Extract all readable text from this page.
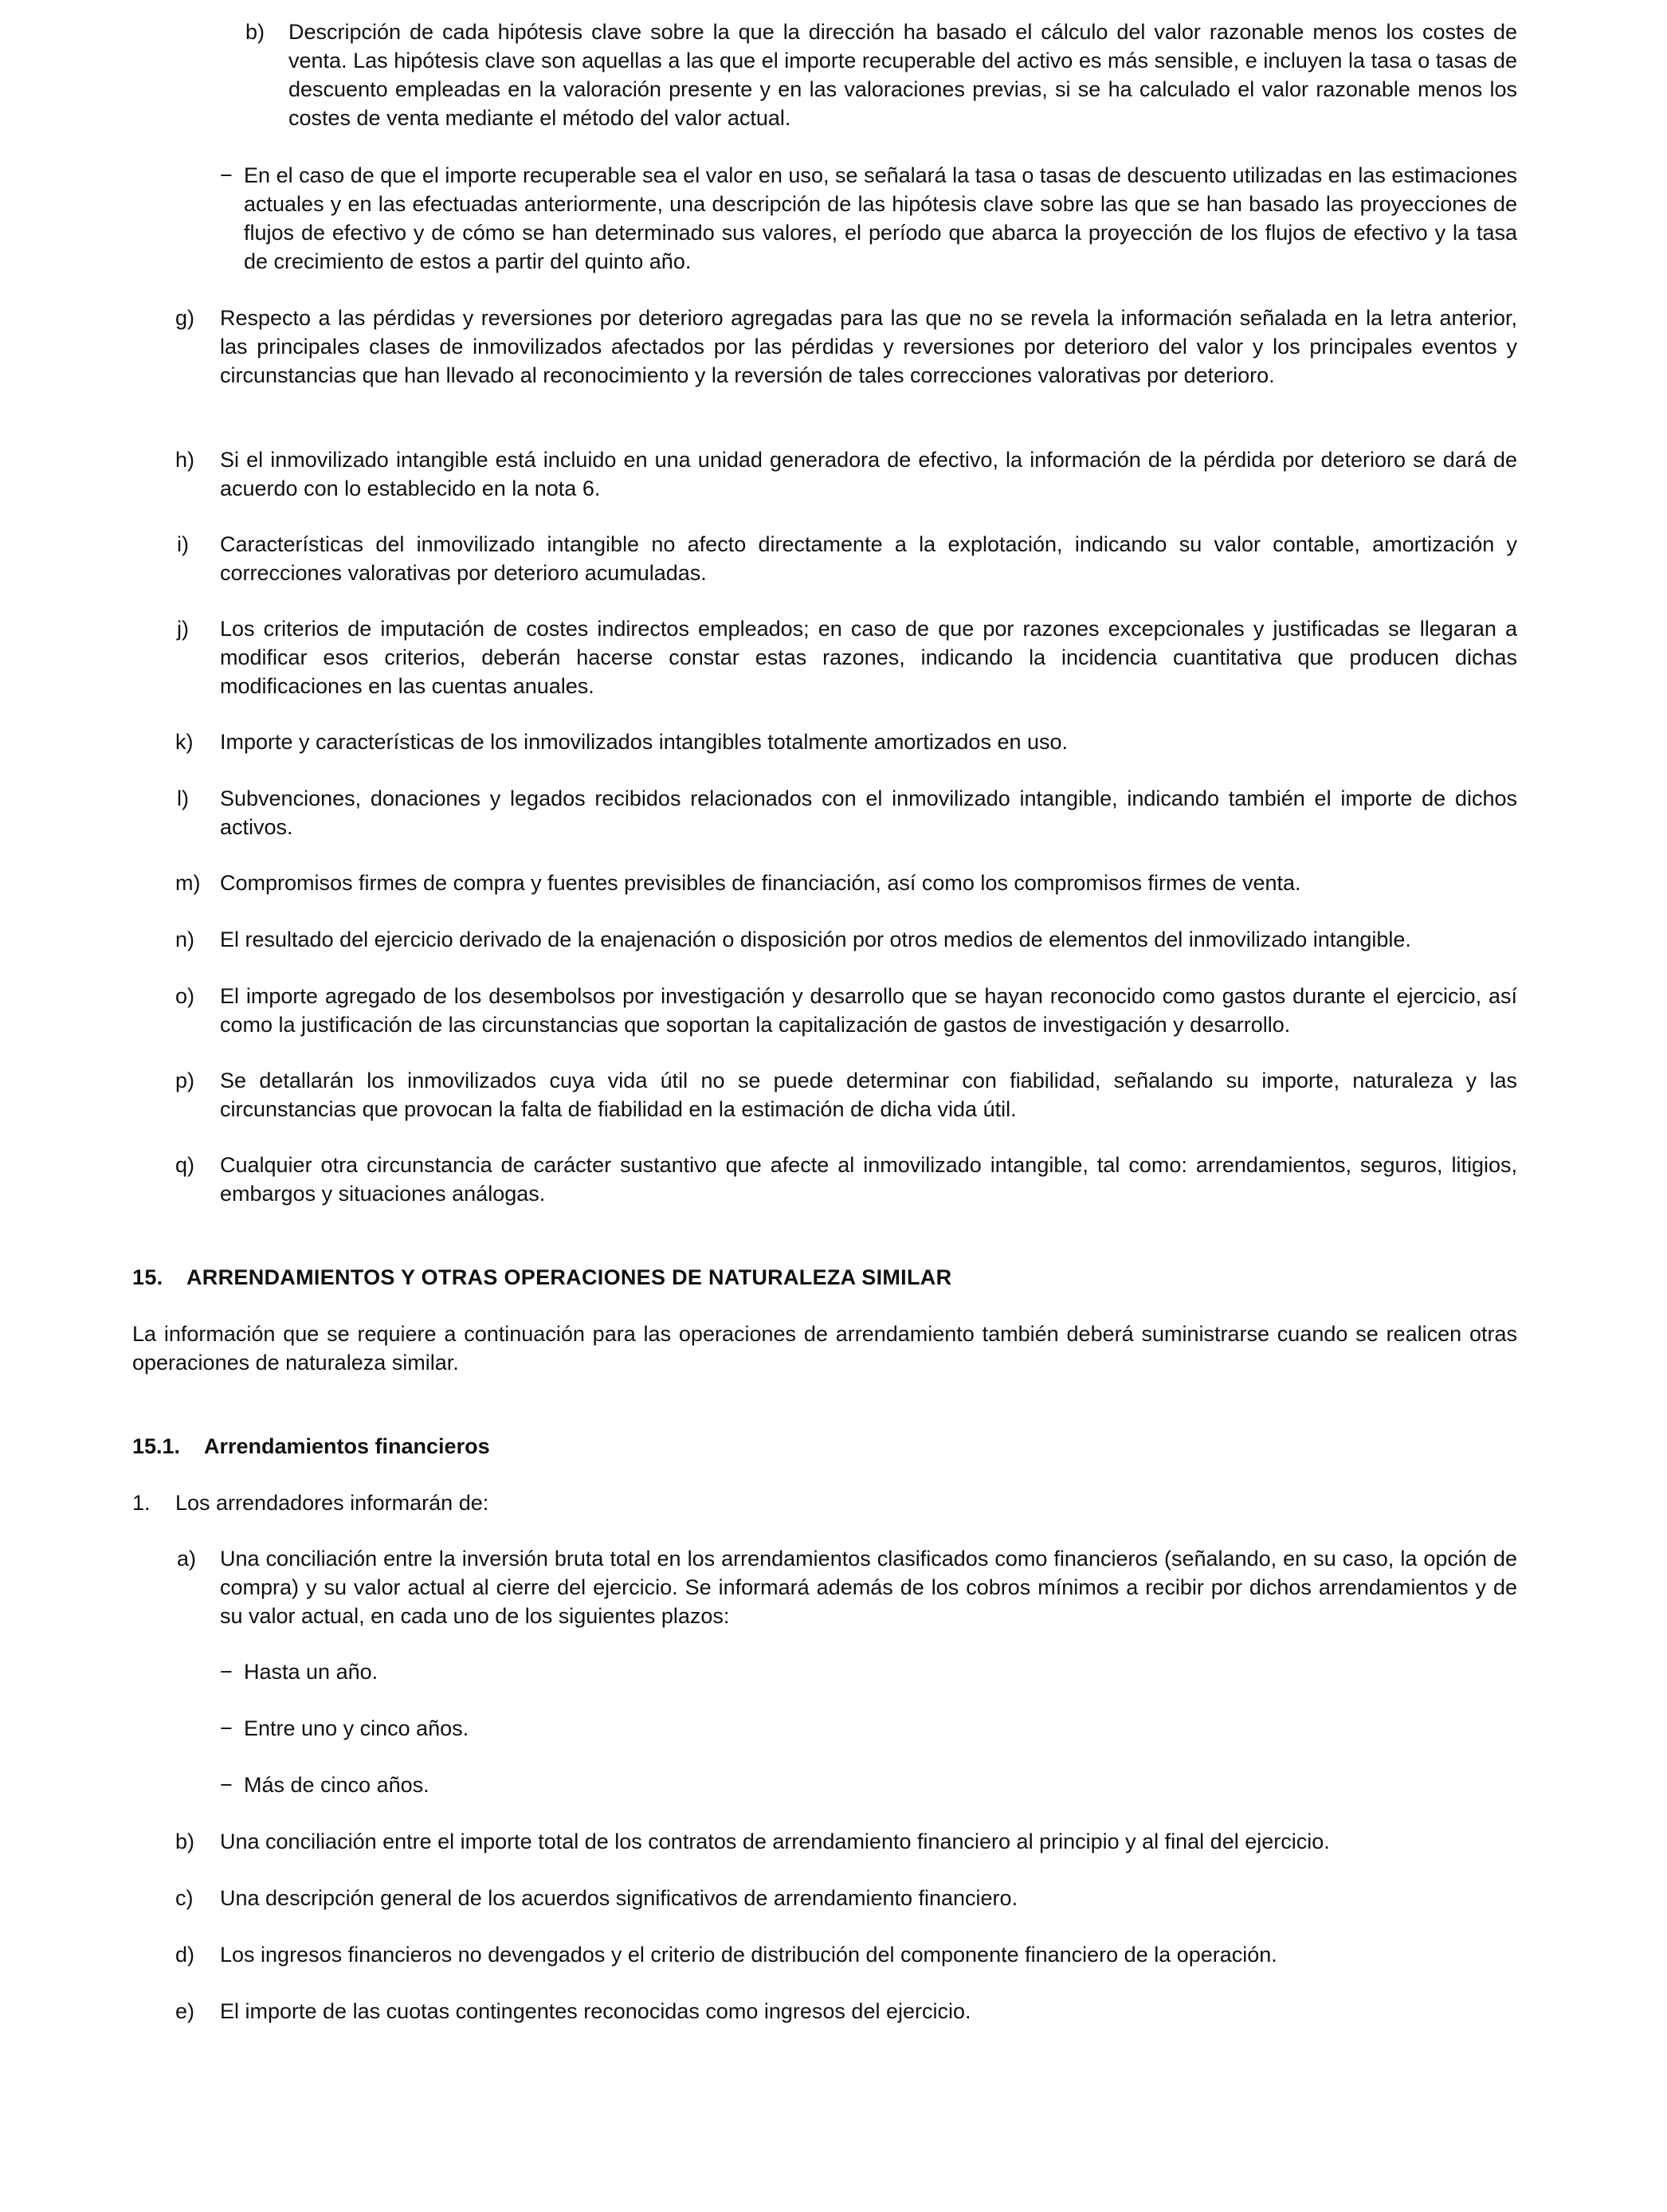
b) Descripción de cada hipótesis clave sobre la que la dirección ha basado el cálculo del valor razonable menos los costes de venta. Las hipótesis clave son aquellas a las que el importe recuperable del activo es más sensible, e incluyen la tasa o tasas de descuento empleadas en la valoración presente y en las valoraciones previas, si se ha calculado el valor razonable menos los costes de venta mediante el método del valor actual.
− En el caso de que el importe recuperable sea el valor en uso, se señalará la tasa o tasas de descuento utilizadas en las estimaciones actuales y en las efectuadas anteriormente, una descripción de las hipótesis clave sobre las que se han basado las proyecciones de flujos de efectivo y de cómo se han determinado sus valores, el período que abarca la proyección de los flujos de efectivo y la tasa de crecimiento de estos a partir del quinto año.
g) Respecto a las pérdidas y reversiones por deterioro agregadas para las que no se revela la información señalada en la letra anterior, las principales clases de inmovilizados afectados por las pérdidas y reversiones por deterioro del valor y los principales eventos y circunstancias que han llevado al reconocimiento y la reversión de tales correcciones valorativas por deterioro.
h) Si el inmovilizado intangible está incluido en una unidad generadora de efectivo, la información de la pérdida por deterioro se dará de acuerdo con lo establecido en la nota 6.
i) Características del inmovilizado intangible no afecto directamente a la explotación, indicando su valor contable, amortización y correcciones valorativas por deterioro acumuladas.
j) Los criterios de imputación de costes indirectos empleados; en caso de que por razones excepcionales y justificadas se llegaran a modificar esos criterios, deberán hacerse constar estas razones, indicando la incidencia cuantitativa que producen dichas modificaciones en las cuentas anuales.
k) Importe y características de los inmovilizados intangibles totalmente amortizados en uso.
l) Subvenciones, donaciones y legados recibidos relacionados con el inmovilizado intangible, indicando también el importe de dichos activos.
m) Compromisos firmes de compra y fuentes previsibles de financiación, así como los compromisos firmes de venta.
n) El resultado del ejercicio derivado de la enajenación o disposición por otros medios de elementos del inmovilizado intangible.
o) El importe agregado de los desembolsos por investigación y desarrollo que se hayan reconocido como gastos durante el ejercicio, así como la justificación de las circunstancias que soportan la capitalización de gastos de investigación y desarrollo.
p) Se detallarán los inmovilizados cuya vida útil no se puede determinar con fiabilidad, señalando su importe, naturaleza y las circunstancias que provocan la falta de fiabilidad en la estimación de dicha vida útil.
q) Cualquier otra circunstancia de carácter sustantivo que afecte al inmovilizado intangible, tal como: arrendamientos, seguros, litigios, embargos y situaciones análogas.
15. ARRENDAMIENTOS Y OTRAS OPERACIONES DE NATURALEZA SIMILAR
La información que se requiere a continuación para las operaciones de arrendamiento también deberá suministrarse cuando se realicen otras operaciones de naturaleza similar.
15.1. Arrendamientos financieros
1. Los arrendadores informarán de:
a) Una conciliación entre la inversión bruta total en los arrendamientos clasificados como financieros (señalando, en su caso, la opción de compra) y su valor actual al cierre del ejercicio. Se informará además de los cobros mínimos a recibir por dichos arrendamientos y de su valor actual, en cada uno de los siguientes plazos:
− Hasta un año.
− Entre uno y cinco años.
− Más de cinco años.
b) Una conciliación entre el importe total de los contratos de arrendamiento financiero al principio y al final del ejercicio.
c) Una descripción general de los acuerdos significativos de arrendamiento financiero.
d) Los ingresos financieros no devengados y el criterio de distribución del componente financiero de la operación.
e) El importe de las cuotas contingentes reconocidas como ingresos del ejercicio.
